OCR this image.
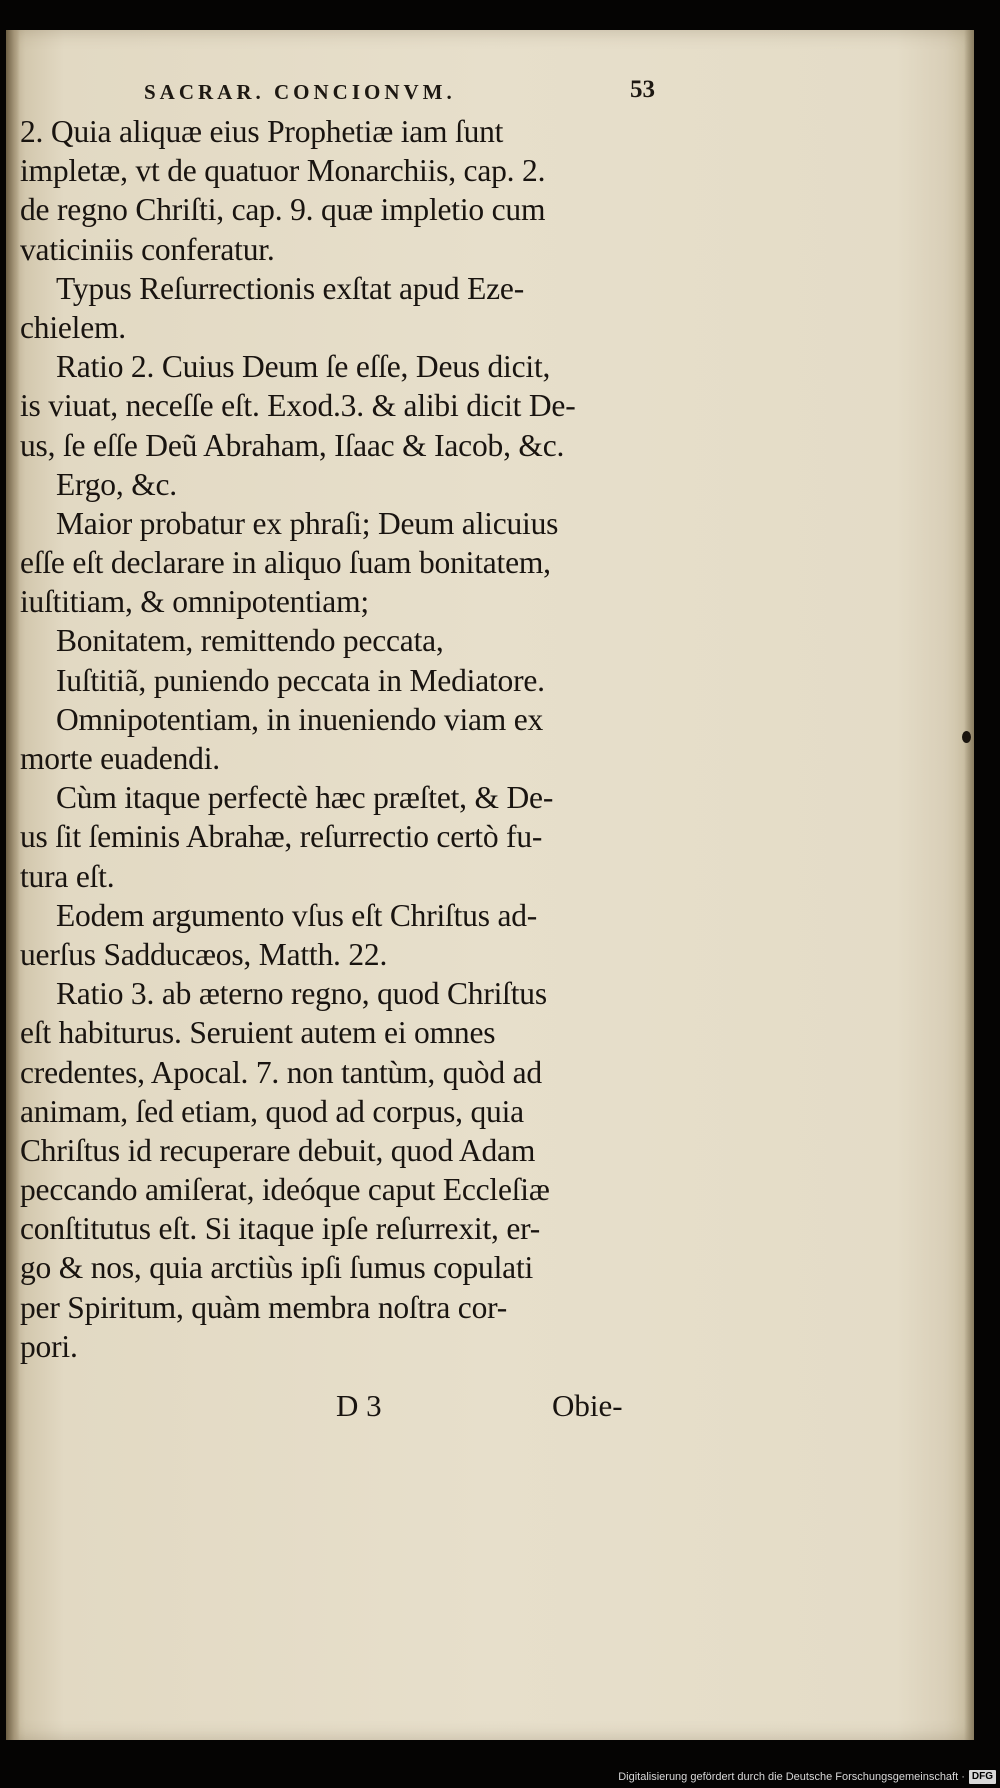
SACRAR. CONCIONVM.	53
2. Quia aliquæ eius Prophetiæ iam ſunt
impletæ, vt de quatuor Monarchiis, cap. 2.
de regno Chriſti, cap. 9. quæ impletio cum
vaticiniis conferatur.
Typus Reſurrectionis exſtat apud Eze-
chielem.
Ratio 2. Cuius Deum ſe eſſe, Deus dicit,
is viuat, neceſſe eſt. Exod.3. & alibi dicit De-
us, ſe eſſe Deũ Abraham, Iſaac & Iacob, &c.
Ergo, &c.
Maior probatur ex phraſi; Deum alicuius
eſſe eſt declarare in aliquo ſuam bonitatem,
iuſtitiam, & omnipotentiam;
Bonitatem, remittendo peccata,
Iuſtitiã, puniendo peccata in Mediatore.
Omnipotentiam, in inueniendo viam ex
morte euadendi.
Cùm itaque perfectè hæc præſtet, & De-
us ſit ſeminis Abrahæ, reſurrectio certò fu-
tura eſt.
Eodem argumento vſus eſt Chriſtus ad-
uerſus Sadducæos, Matth. 22.
Ratio 3. ab æterno regno, quod Chriſtus
eſt habiturus. Seruient autem ei omnes
credentes, Apocal. 7. non tantùm, quòd ad
animam, ſed etiam, quod ad corpus, quia
Chriſtus id recuperare debuit, quod Adam
peccando amiſerat, ideóque caput Eccleſiæ
conſtitutus eſt. Si itaque ipſe reſurrexit, er-
go & nos, quia arctiùs ipſi ſumus copulati
per Spiritum, quàm membra noſtra cor-
pori.
D 3	Obie-
Digitalisierung gefördert durch die Deutsche Forschungsgemeinschaft · DFG
